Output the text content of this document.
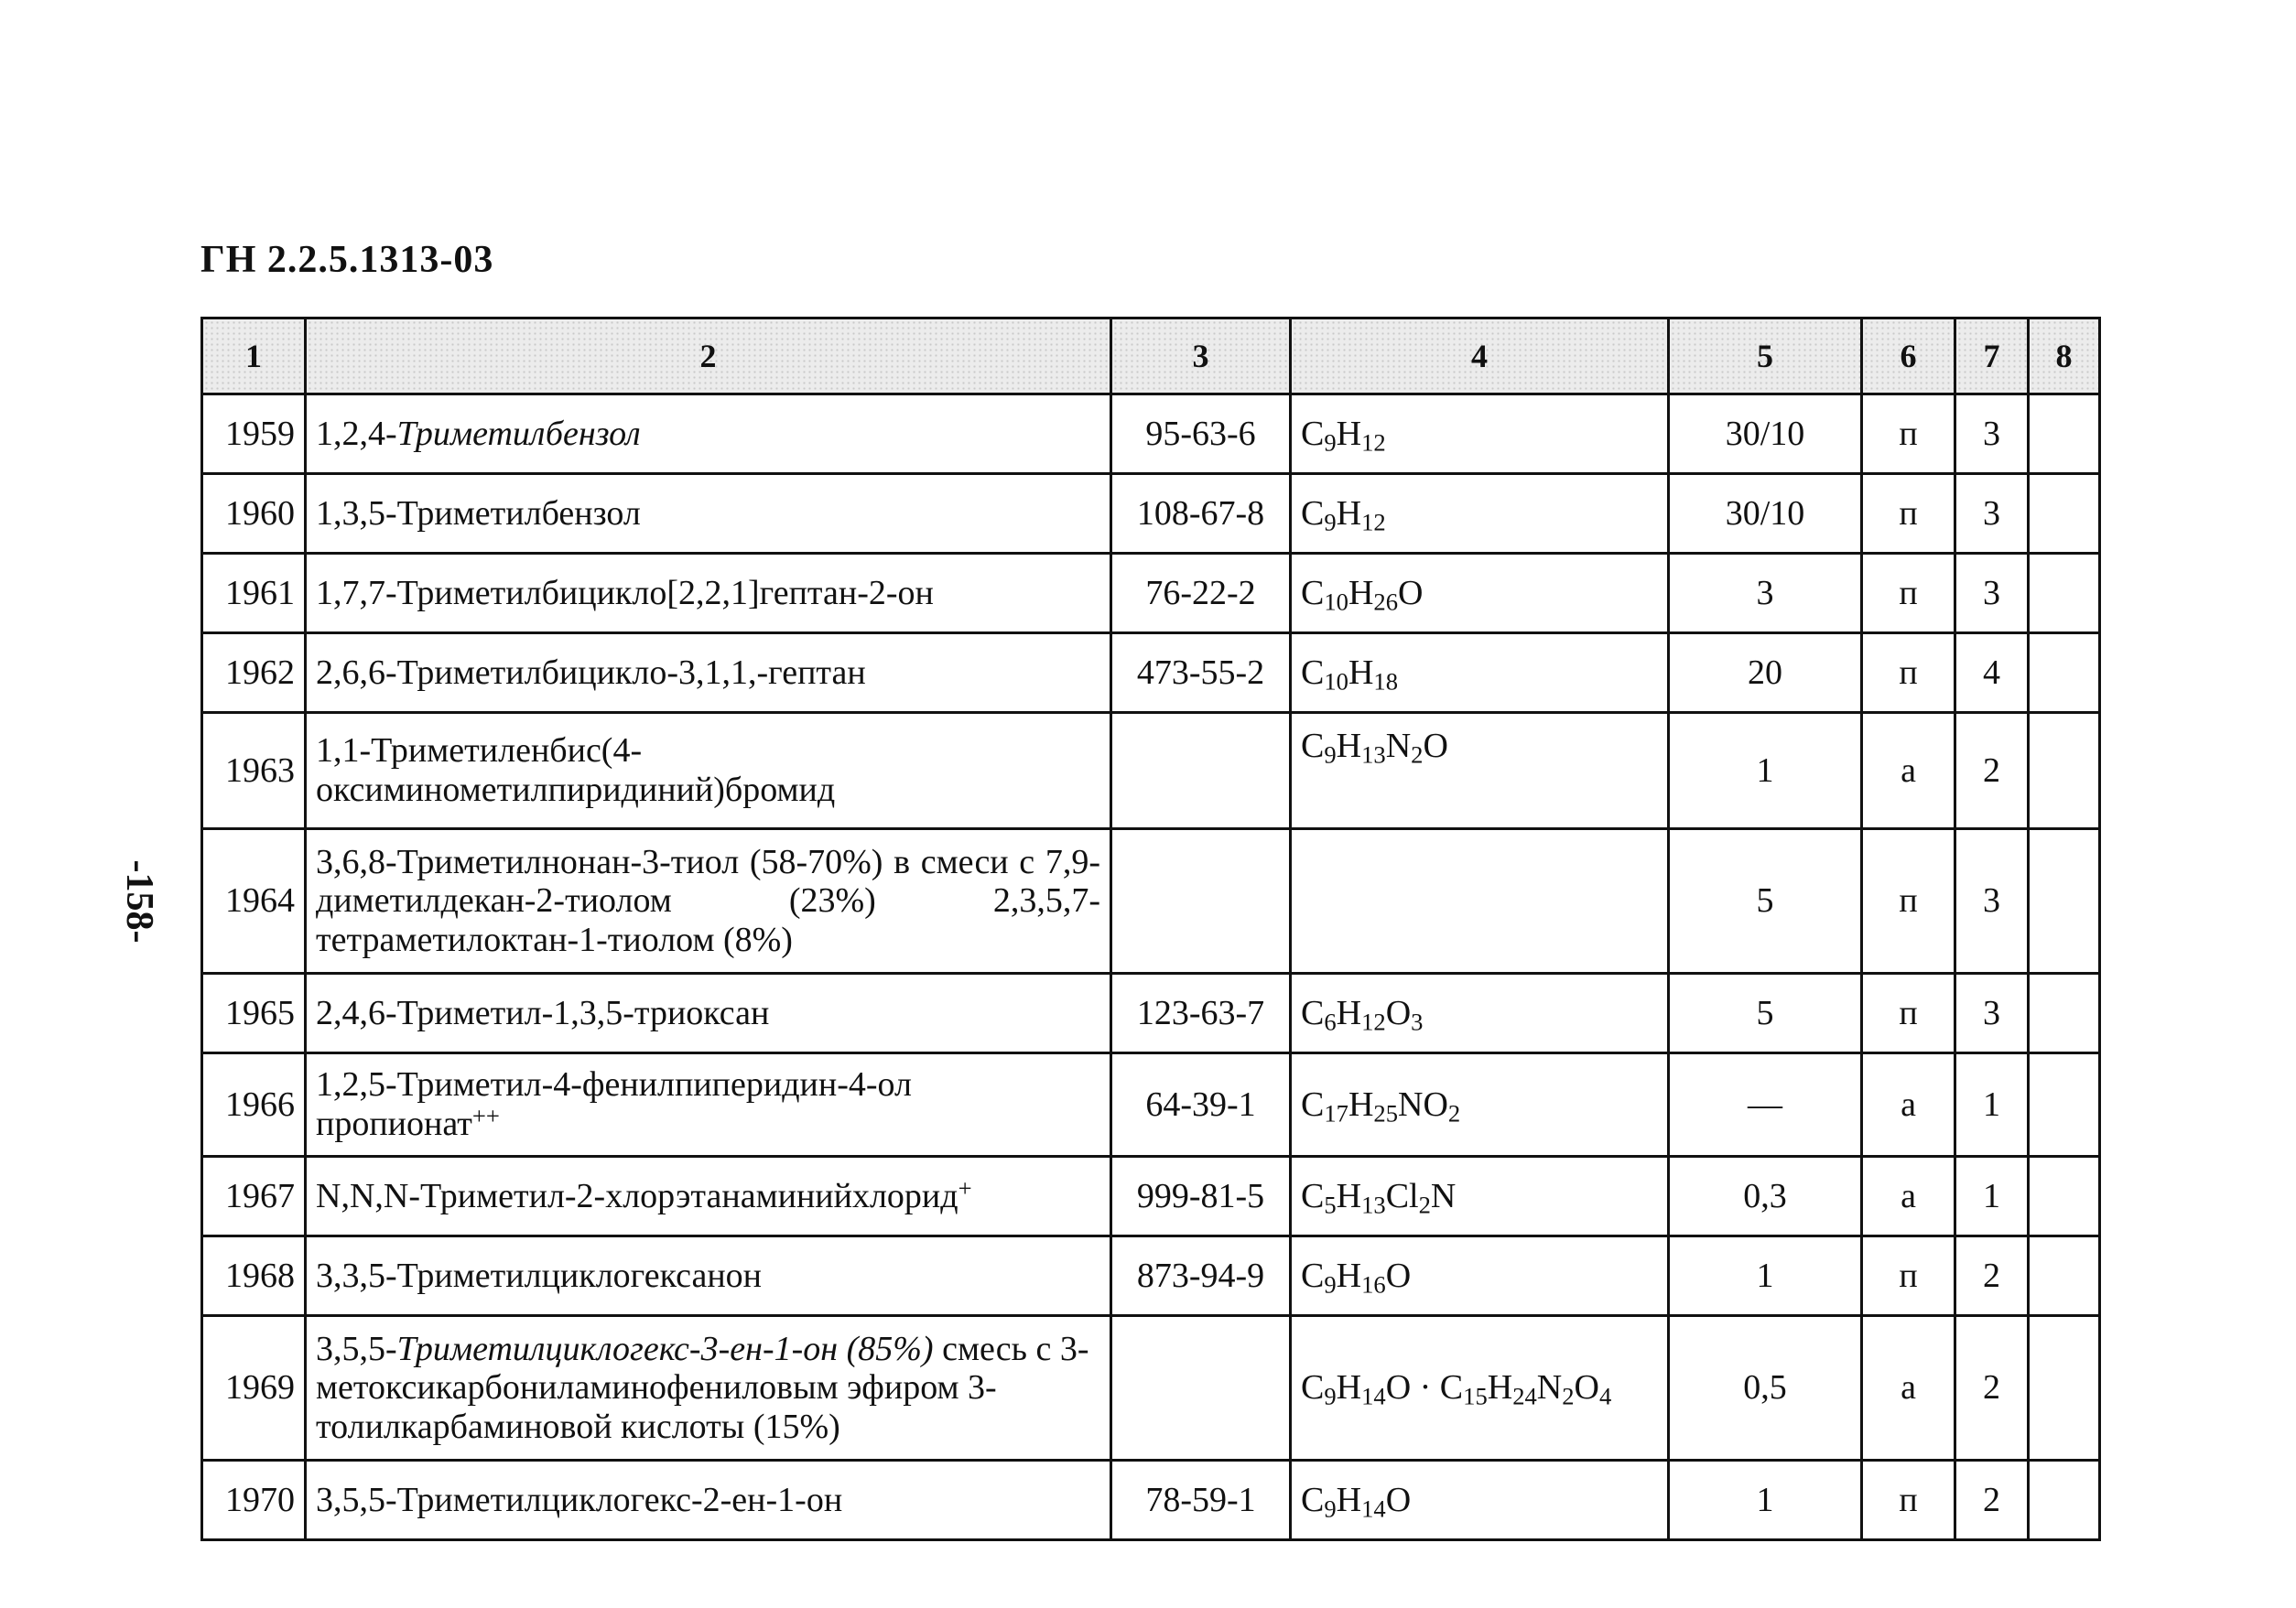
ГН 2.2.5.1313-03
-158-
1	2	3	4	5	6	7	8
1959	1,2,4-Триметилбензол	95-63-6	$C_9H_{12}$	30/10	п	3	
1960	1,3,5-Триметилбензол	108-67-8	$C_9H_{12}$	30/10	п	3	
1961	1,7,7-Триметилбицикло[2,2,1]гептан-2-он	76-22-2	$C_{10}H_{26}O$	3	п	3	
1962	2,6,6-Триметилбицикло-3,1,1,-гептан	473-55-2	$C_{10}H_{18}$	20	п	4	
1963	1,1-Триметиленбис(4-оксиминометилпиридиний)бромид		$C_9H_{13}N_2O$	1	а	2	
1964	3,6,8-Триметилнонан-3-тиол (58-70%) в смеси с 7,9-диметилдекан-2-тиолом (23%) 2,3,5,7-тетраметилоктан-1-тиолом (8%)			5	п	3	
1965	2,4,6-Триметил-1,3,5-триоксан	123-63-7	$C_6H_{12}O_3$	5	п	3	
1966	1,2,5-Триметил-4-фенилпиперидин-4-ол пропионат++	64-39-1	$C_{17}H_{25}NO_2$	—	а	1	
1967	N,N,N-Триметил-2-хлорэтанаминийхлорид+	999-81-5	$C_5H_{13}Cl_2N$	0,3	а	1	
1968	3,3,5-Триметилциклогексанон	873-94-9	$C_9H_{16}O$	1	п	2	
1969	3,5,5-Триметилциклогекс-3-ен-1-он (85%) смесь с 3-метоксикарбониламинофениловым эфиром 3-толилкарбаминовой кислоты (15%)		$C_9H_{14}O \cdot C_{15}H_{24}N_2O_4$	0,5	а	2	
1970	3,5,5-Триметилциклогекс-2-ен-1-он	78-59-1	$C_9H_{14}O$	1	п	2	
